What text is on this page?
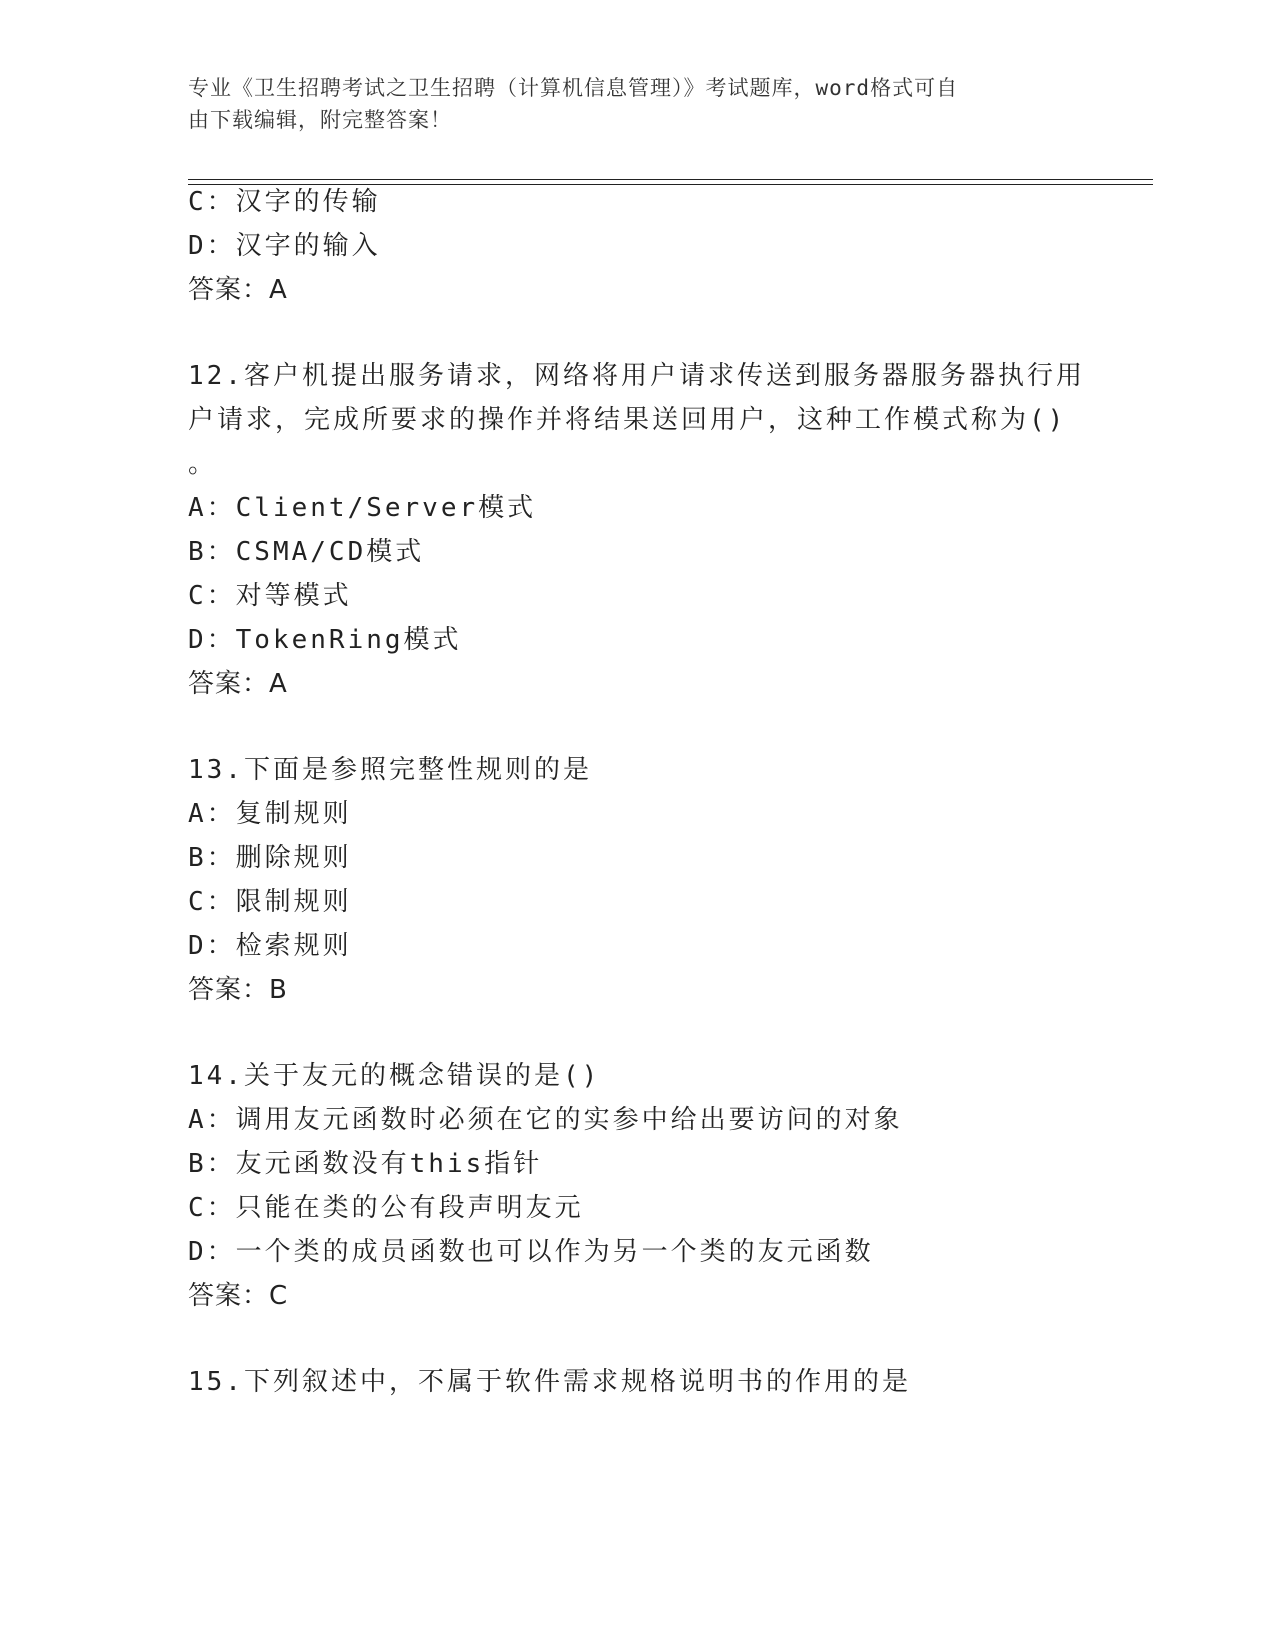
专业《卫生招聘考试之卫生招聘（计算机信息管理）》考试题库，word格式可自
由下载编辑，附完整答案！
C：汉字的传输
D：汉字的输入
答案：A
12.客户机提出服务请求，网络将用户请求传送到服务器服务器执行用
户请求，完成所要求的操作并将结果送回用户，这种工作模式称为()
。
A：Client/Server模式
B：CSMA/CD模式
C：对等模式
D：TokenRing模式
答案：A
13.下面是参照完整性规则的是
A：复制规则
B：删除规则
C：限制规则
D：检索规则
答案：B
14.关于友元的概念错误的是()
A：调用友元函数时必须在它的实参中给出要访问的对象
B：友元函数没有this指针
C：只能在类的公有段声明友元
D：一个类的成员函数也可以作为另一个类的友元函数
答案：C
15.下列叙述中，不属于软件需求规格说明书的作用的是
